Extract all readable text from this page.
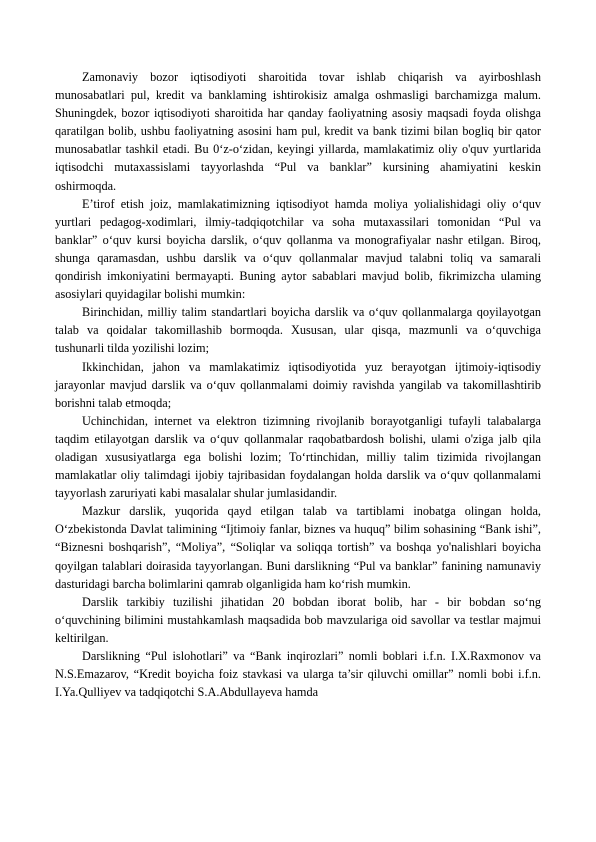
Zamonaviy bozor iqtisodiyoti sharoitida tovar ishlab chiqarish va ayirboshlash munosabatlari pul, kredit va banklaming ishtirokisiz amalga oshmasligi barchamizga malum. Shuningdek, bozor iqtisodiyoti sharoitida har qanday faoliyatning asosiy maqsadi foyda olishga qaratilgan bolib, ushbu faoliyatning asosini ham pul, kredit va bank tizimi bilan bogliq bir qator munosabatlar tashkil etadi. Bu 0‘z-o‘zidan, keyingi yillarda, mamlakatimiz oliy o'quv yurtlarida iqtisodchi mutaxassislami tayyorlashda “Pul va banklar” kursining ahamiyatini keskin oshirmoqda.

E’tirof etish joiz, mamlakatimizning iqtisodiyot hamda moliya yolialishidagi oliy o‘quv yurtlari pedagog-xodimlari, ilmiy-tadqiqotchilar va soha mutaxassilari tomonidan “Pul va banklar” o‘quv kursi boyicha darslik, o‘quv qollanma va monografiyalar nashr etilgan. Biroq, shunga qaramasdan, ushbu darslik va o‘quv qollanmalar mavjud talabni toliq va samarali qondirish imkoniyatini bermayapti. Buning aytor sabablari mavjud bolib, fikrimizcha ulaming asosiylari quyidagilar bolishi mumkin:

Birinchidan, milliy talim standartlari boyicha darslik va o‘quv qollanmalarga qoyilayotgan talab va qoidalar takomillashib bormoqda. Xususan, ular qisqa, mazmunli va o‘quvchiga tushunarli tilda yozilishi lozim;

Ikkinchidan, jahon va mamlakatimiz iqtisodiyotida yuz berayotgan ijtimoiy-iqtisodiy jarayonlar mavjud darslik va o‘quv qollanmalami doimiy ravishda yangilab va takomillashtirib borishni talab etmoqda;

Uchinchidan, internet va elektron tizimning rivojlanib borayotganligi tufayli talabalarga taqdim etilayotgan darslik va o‘quv qollanmalar raqobatbardosh bolishi, ulami o'ziga jalb qila oladigan xususiyatlarga ega bolishi lozim; To‘rtinchidan, milliy talim tizimida rivojlangan mamlakatlar oliy talimdagi ijobiy tajribasidan foydalangan holda darslik va o‘quv qollanmalami tayyorlash zaruriyati kabi masalalar shular jumlasidandir.

Mazkur darslik, yuqorida qayd etilgan talab va tartiblami inobatga olingan holda, O‘zbekistonda Davlat talimining “Ijtimoiy fanlar, biznes va huquq” bilim sohasining “Bank ishi”, “Biznesni boshqarish”, “Moliya”, “Soliqlar va soliqqa tortish” va boshqa yo'nalishlari boyicha qoyilgan talablari doirasida tayyorlangan. Buni darslikning “Pul va banklar” fanining namunaviy dasturidagi barcha bolimlarini qamrab olganligida ham ko‘rish mumkin.

Darslik tarkibiy tuzilishi jihatidan 20 bobdan iborat bolib, har - bir bobdan so‘ng o‘quvchining bilimini mustahkamlash maqsadida bob mavzulariga oid savollar va testlar majmui keltirilgan.

Darslikning “Pul islohotlari” va “Bank inqirozlari” nomli boblari i.f.n. I.X.Raxmonov va N.S.Emazarov, “Kredit boyicha foiz stavkasi va ularga ta’sir qiluvchi omillar” nomli bobi i.f.n. I.Ya.Qulliyev va tadqiqotchi S.A.Abdullayeva hamda
